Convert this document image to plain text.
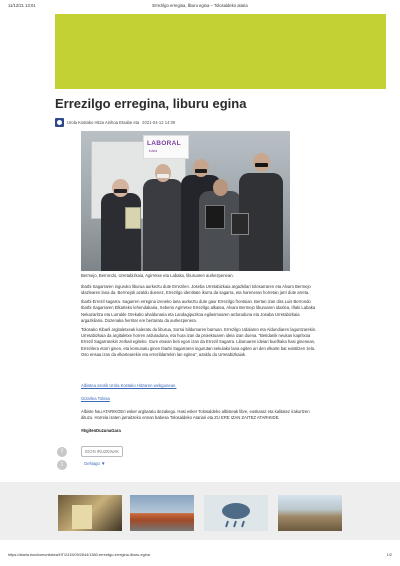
11/12/21 13:01	Errezilgo erregina, liburu egina – Tolosaldeko ataria
Errezilgo erregina, liburu egina
Urola Kostako Hitza Ainhoa Etxabe eta 2021-04-12 14:09
LABORAL
kutxa
Bermejo, Berrondo, Urretabizkaia, Agirretxe eta Labaka, liburuaren aurkezpenean.

Ibarbi Sagarraren inguruko liburua aurkeztu dute Errezilen. Joseba Urretabizkaia argazkilari tolosarraren eta Alvaro Bermejo idazlearen lana da. Bermejok azaldu duenez, Errezilgo identitate ikurra da sagarra, eta hareneran horretan jarri dute arreta.

Ibarbi Errezil sagarra. Sagarren erregina izeneko lana aurkeztu dute gaur Errezilgo frontoian. Bertan izan dira Luis Berrondo Ibarbi Sagarraren Elkarteko lehendakaria, Xeberio Agirretxe Errezilgo alkatea, Alvaro Bermejo liburuaren idazlea, Iñaki Labaka Nekazaritza eta Lurralde Orekako ahaldunaria eta Landagipuzkoa egilasmoaren arduraduna eta Josaba Urretabizkaia argazkilaria. Dozenaka herritar ere bertaratu da aurkezpenera.

Tolosako Kibarli argitaletxeak kaleratu du liburua, Sorrai bildumaren barruan. Errezilgo Udalaren eta Aldundiaren laguntzarekin. Urretabizkaia da argitaletxe horren arduraduna, eta hura izan da proiektuaren ideia izan duena. "Betidanik neukan kapritxoa Errezil Sagarrarekin zerbait egiteko. Gure etxean beti egon izan da Errezil Sagarra. Liburuaren ideiari buelhaka hasi ginenean, Errezilera etorri ginen, eta komunatu ginen Ibarbi Sagarraren ingurutan sekulako lana egiten ari den elkarte bat existitzen zela. Oso ensaa izan da elkartearekin eta errezildarrekin lan egitea", azaldu du Urretabizkaiak.

Albistea osorik Urola Kostako Hitzaren webgunean.
Gizarlea Tolosa

Albiste hau ATARIKOEri esker argitaratu dezakegu. Hasi esker Tolosaldeko albisteak libre, euskaraz eta kalitatez irakurtzen dituzu. Horrela izaten jarraitzeko ennan babesa Tolosaldeko Atariari eta ZU ERE IZAN ZAITEZ ATARIKIDE.

#EgitenDuzunaGara
f
t
IGON IRUZKINAK
Gehiago ▼
https://ataria.eus/komunitatea/HT/2415/09/2644/1380-errezilgo-erregina-liburu-egina	1/2
